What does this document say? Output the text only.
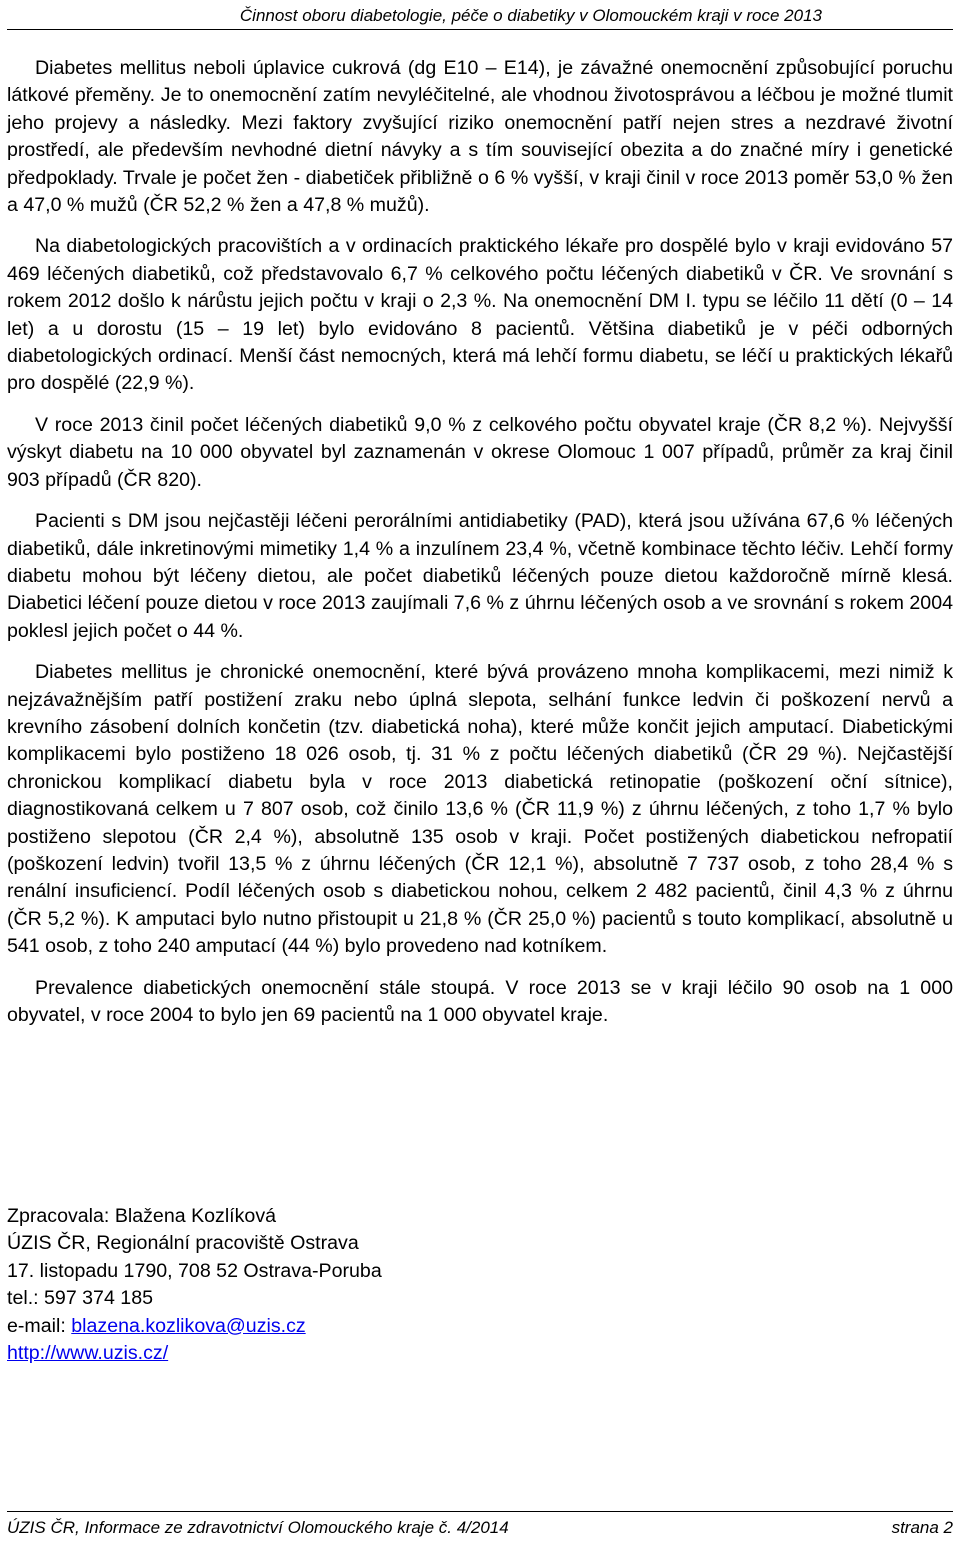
Činnost oboru diabetologie, péče o diabetiky v Olomouckém kraji v roce 2013

Diabetes mellitus neboli úplavice cukrová (dg E10 – E14), je závažné onemocnění způsobující poruchu látkové přeměny. Je to onemocnění zatím nevyléčitelné, ale vhodnou životosprávou a léčbou je možné tlumit jeho projevy a následky. Mezi faktory zvyšující riziko onemocnění patří nejen stres a nezdravé životní prostředí, ale především nevhodné dietní návyky a s tím související obezita a do značné míry i genetické předpoklady. Trvale je počet žen - diabetiček přibližně o 6 % vyšší, v kraji činil v roce 2013 poměr 53,0 % žen a 47,0 % mužů (ČR 52,2 % žen a 47,8 % mužů).

Na diabetologických pracovištích a v ordinacích praktického lékaře pro dospělé bylo v kraji evidováno 57 469 léčených diabetiků, což představovalo 6,7 % celkového počtu léčených diabetiků v ČR. Ve srovnání s rokem 2012 došlo k nárůstu jejich počtu v kraji o 2,3 %. Na onemocnění DM I. typu se léčilo 11 dětí (0 – 14 let) a u dorostu (15 – 19 let) bylo evidováno 8 pacientů. Většina diabetiků je v péči odborných diabetologických ordinací. Menší část nemocných, která má lehčí formu diabetu, se léčí u praktických lékařů pro dospělé (22,9 %).

V roce 2013 činil počet léčených diabetiků 9,0 % z celkového počtu obyvatel kraje (ČR 8,2 %). Nejvyšší výskyt diabetu na 10 000 obyvatel byl zaznamenán v okrese Olomouc 1 007 případů, průměr za kraj činil 903 případů (ČR 820).

Pacienti s DM jsou nejčastěji léčeni perorálními antidiabetiky (PAD), která jsou užívána 67,6 % léčených diabetiků, dále inkretinovými mimetiky 1,4 % a inzulínem 23,4 %, včetně kombinace těchto léčiv. Lehčí formy diabetu mohou být léčeny dietou, ale počet diabetiků léčených pouze dietou každoročně mírně klesá. Diabetici léčení pouze dietou v roce 2013 zaujímali 7,6 % z úhrnu léčených osob a ve srovnání s rokem 2004 poklesl jejich počet o 44 %.

Diabetes mellitus je chronické onemocnění, které bývá provázeno mnoha komplikacemi, mezi nimiž k nejzávažnějším patří postižení zraku nebo úplná slepota, selhání funkce ledvin či poškození nervů a krevního zásobení dolních končetin (tzv. diabetická noha), které může končit jejich amputací. Diabetickými komplikacemi bylo postiženo 18 026 osob, tj. 31 % z počtu léčených diabetiků (ČR 29 %). Nejčastější chronickou komplikací diabetu byla v roce 2013 diabetická retinopatie (poškození oční sítnice), diagnostikovaná celkem u 7 807 osob, což činilo 13,6 % (ČR 11,9 %) z úhrnu léčených, z toho 1,7 % bylo postiženo slepotou (ČR 2,4 %), absolutně 135 osob v kraji. Počet postižených diabetickou nefropatií (poškození ledvin) tvořil 13,5 % z úhrnu léčených (ČR 12,1 %), absolutně 7 737 osob, z toho 28,4 % s renální insuficiencí. Podíl léčených osob s diabetickou nohou, celkem 2 482 pacientů, činil 4,3 % z úhrnu (ČR 5,2 %). K amputaci bylo nutno přistoupit u 21,8 % (ČR 25,0 %) pacientů s touto komplikací, absolutně u 541 osob, z toho 240 amputací (44 %) bylo provedeno nad kotníkem.

Prevalence diabetických onemocnění stále stoupá. V roce 2013 se v kraji léčilo 90 osob na 1 000 obyvatel, v roce 2004 to bylo jen 69 pacientů na 1 000 obyvatel kraje.

Zpracovala: Blažena Kozlíková
ÚZIS ČR, Regionální pracoviště Ostrava
17. listopadu 1790, 708 52 Ostrava-Poruba
tel.: 597 374 185
e-mail: blazena.kozlikova@uzis.cz
http://www.uzis.cz/
ÚZIS ČR, Informace ze zdravotnictví Olomouckého kraje č. 4/2014	strana 2
